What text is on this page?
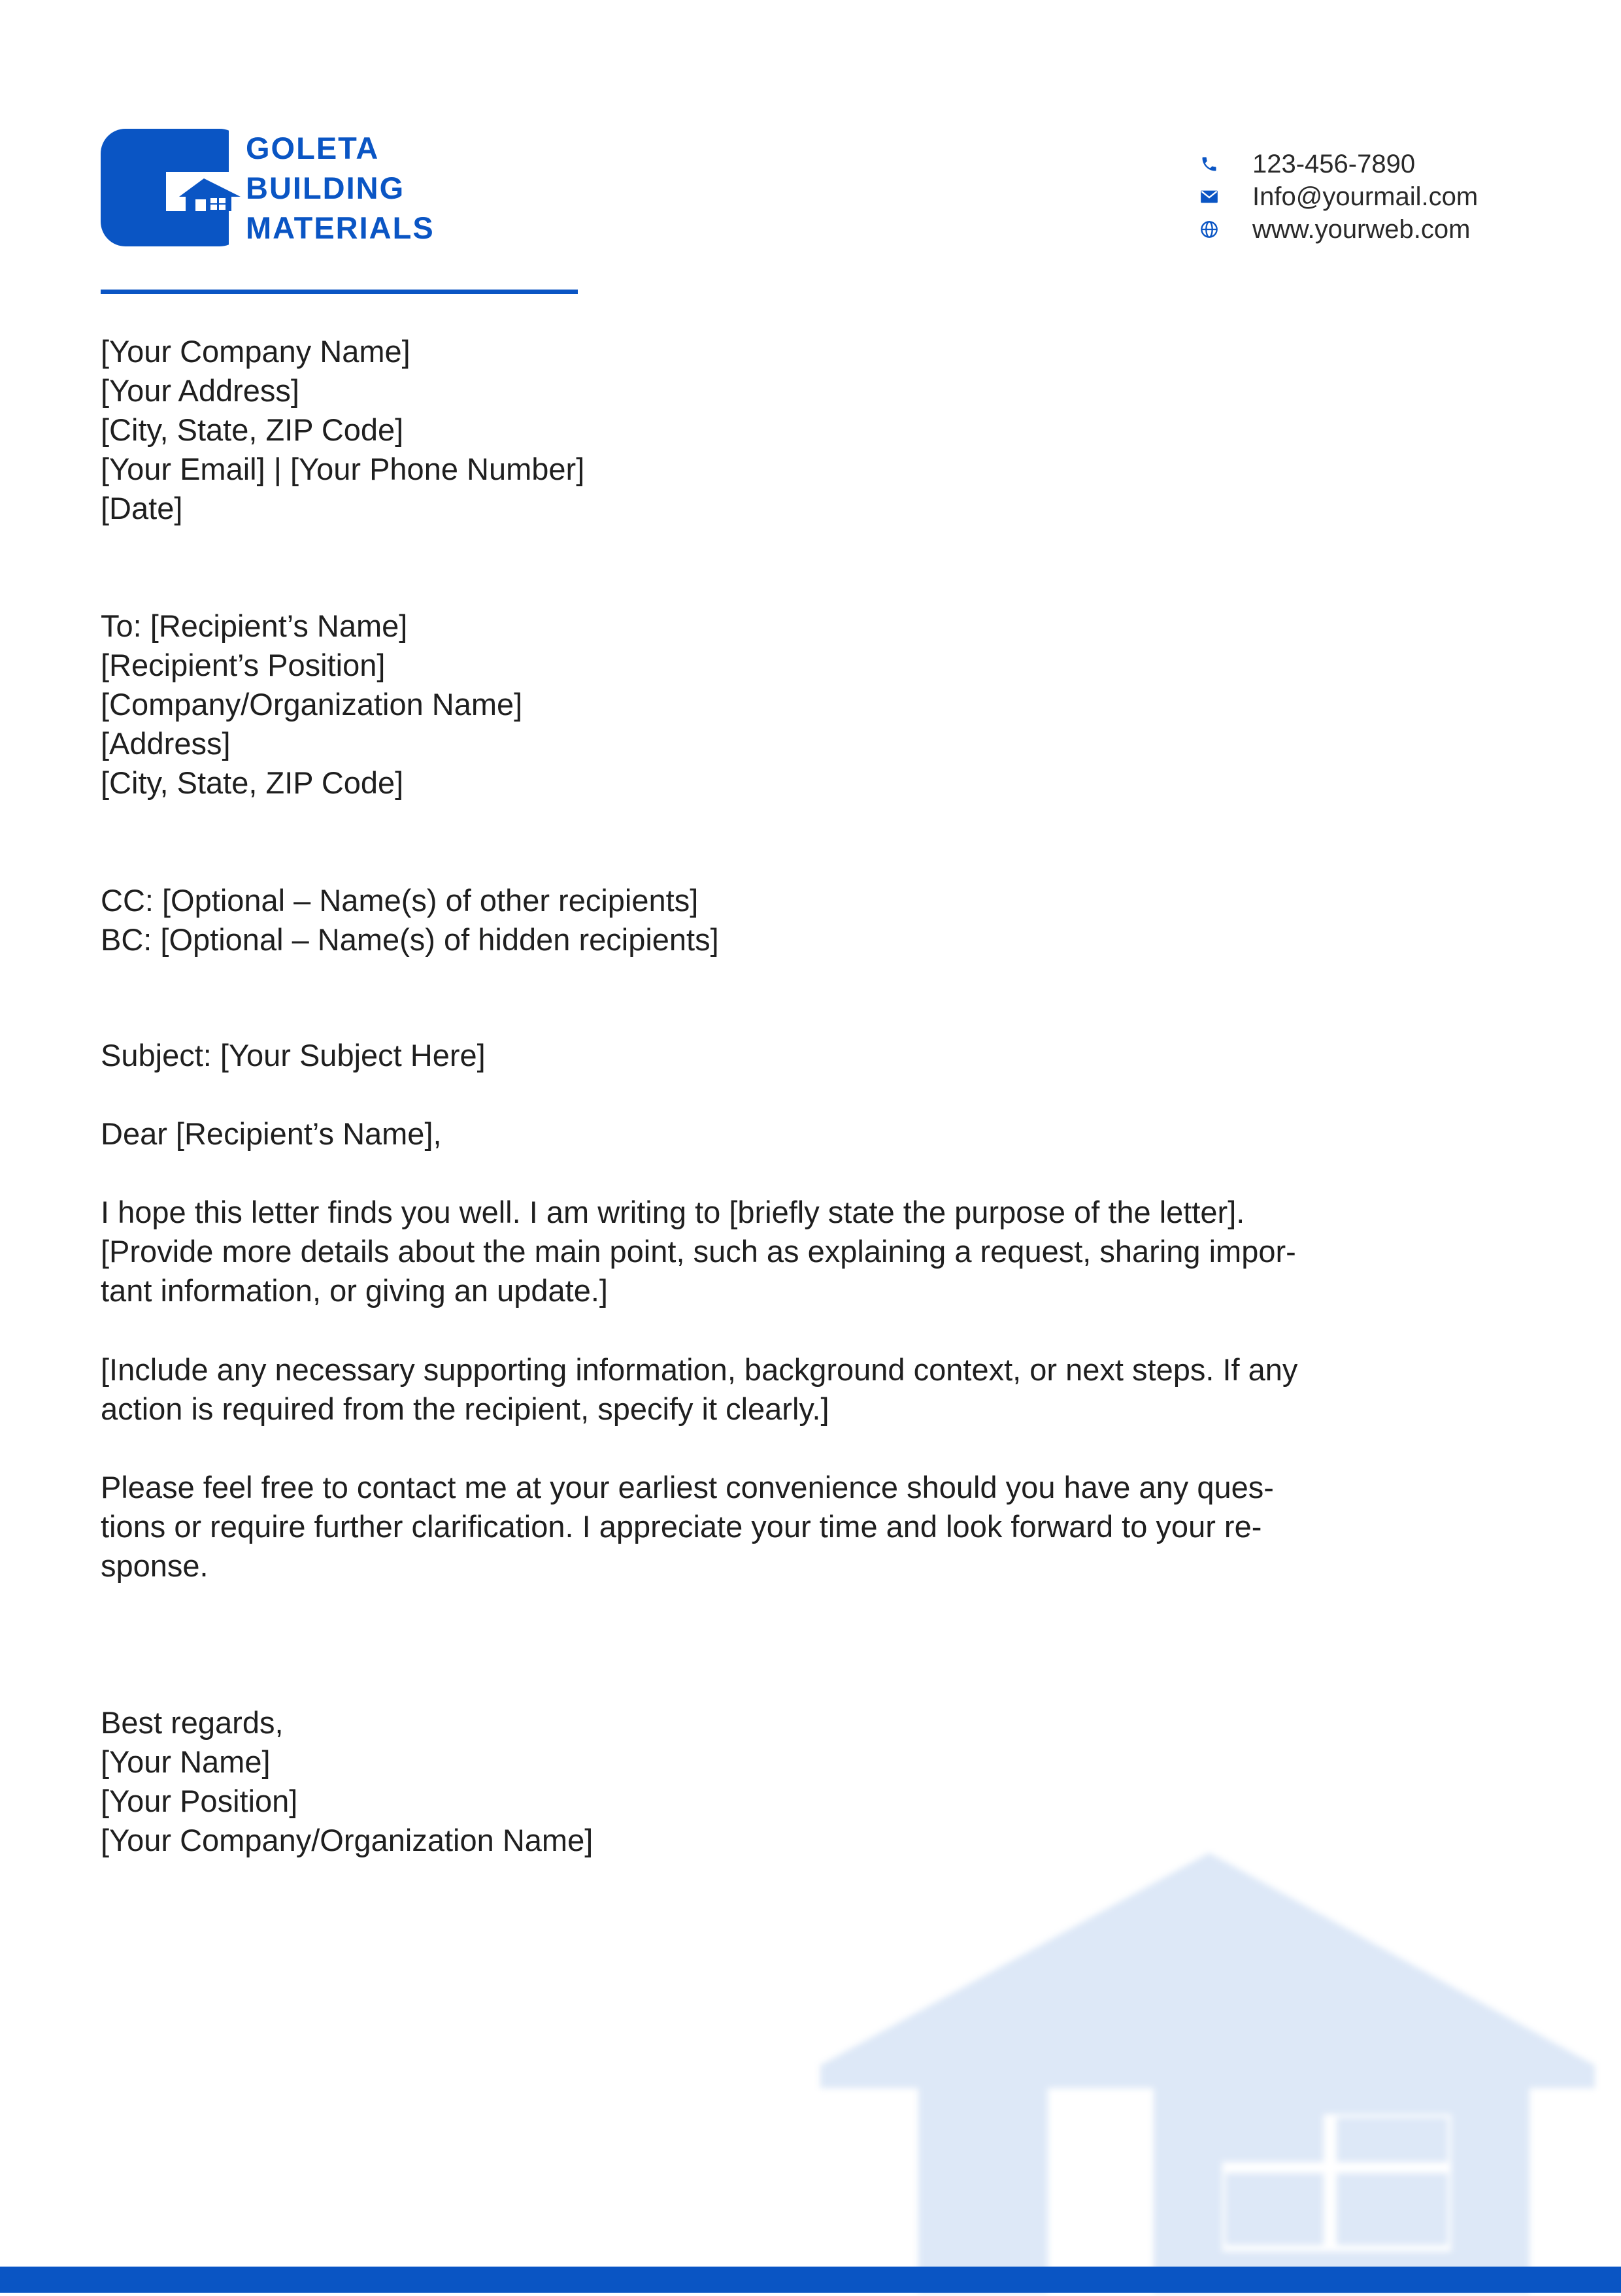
GOLETA
BUILDING
MATERIALS
123-456-7890
Info@yourmail.com
www.yourweb.com
[Your Company Name]
[Your Address]
[City, State, ZIP Code]
[Your Email] | [Your Phone Number]
[Date]
To: [Recipient’s Name]
[Recipient’s Position]
[Company/Organization Name]
[Address]
[City, State, ZIP Code]
CC: [Optional – Name(s) of other recipients]
BC: [Optional – Name(s) of hidden recipients]
Subject: [Your Subject Here]
Dear [Recipient’s Name],
I hope this letter finds you well. I am writing to [briefly state the purpose of the letter].
[Provide more details about the main point, such as explaining a request, sharing impor-
tant information, or giving an update.]
[Include any necessary supporting information, background context, or next steps. If any
action is required from the recipient, specify it clearly.]
Please feel free to contact me at your earliest convenience should you have any ques-
tions or require further clarification. I appreciate your time and look forward to your re-
sponse.
Best regards,
[Your Name]
[Your Position]
[Your Company/Organization Name]
